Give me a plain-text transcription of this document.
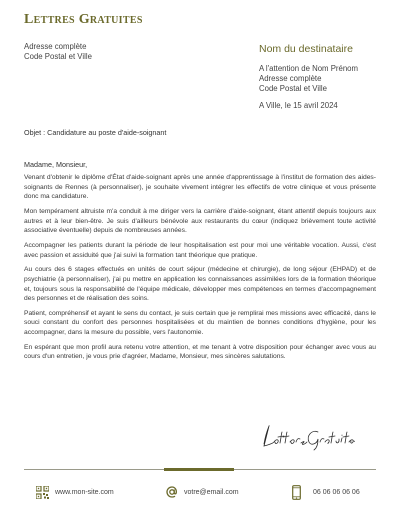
Lettres Gratuites
Adresse complète
Code Postal et Ville
Nom du destinataire
A l'attention de Nom Prénom
Adresse complète
Code Postal et Ville
A Ville, le 15 avril 2024
Objet : Candidature au poste d'aide-soignant
Madame, Monsieur,

Venant d'obtenir le diplôme d'État d'aide-soignant après une année d'apprentissage à l'institut de formation des aides-soignants de Rennes (à personnaliser), je souhaite vivement intégrer les effectifs de votre clinique et vous présente donc ma candidature.

Mon tempérament altruiste m'a conduit à me diriger vers la carrière d'aide-soignant, étant attentif depuis toujours aux autres et à leur bien-être. Je suis d'ailleurs bénévole aux restaurants du cœur (indiquez brièvement toute activité associative éventuelle) depuis de nombreuses années.

Accompagner les patients durant la période de leur hospitalisation est pour moi une véritable vocation. Aussi, c'est avec passion et assiduité que j'ai suivi la formation tant théorique que pratique.

Au cours des 6 stages effectués en unités de court séjour (médecine et chirurgie), de long séjour (EHPAD) et de psychiatrie (à personnaliser), j'ai pu mettre en application les connaissances assimilées lors de la formation théorique et, toujours sous la responsabilité de l'équipe médicale, développer mes compétences en termes d'accompagnement des personnes et de réalisation des soins.

Patient, compréhensif et ayant le sens du contact, je suis certain que je remplirai mes missions avec efficacité, dans le souci constant du confort des personnes hospitalisées et du maintien de bonnes conditions d'hygiène, pour les accompagner, dans la mesure du possible, vers l'autonomie.

En espérant que mon profil aura retenu votre attention, et me tenant à votre disposition pour échanger avec vous au cours d'un entretien, je vous prie d'agréer, Madame, Monsieur, mes sincères salutations.

www.mon-site.com	votre@email.com	06 06 06 06 06
